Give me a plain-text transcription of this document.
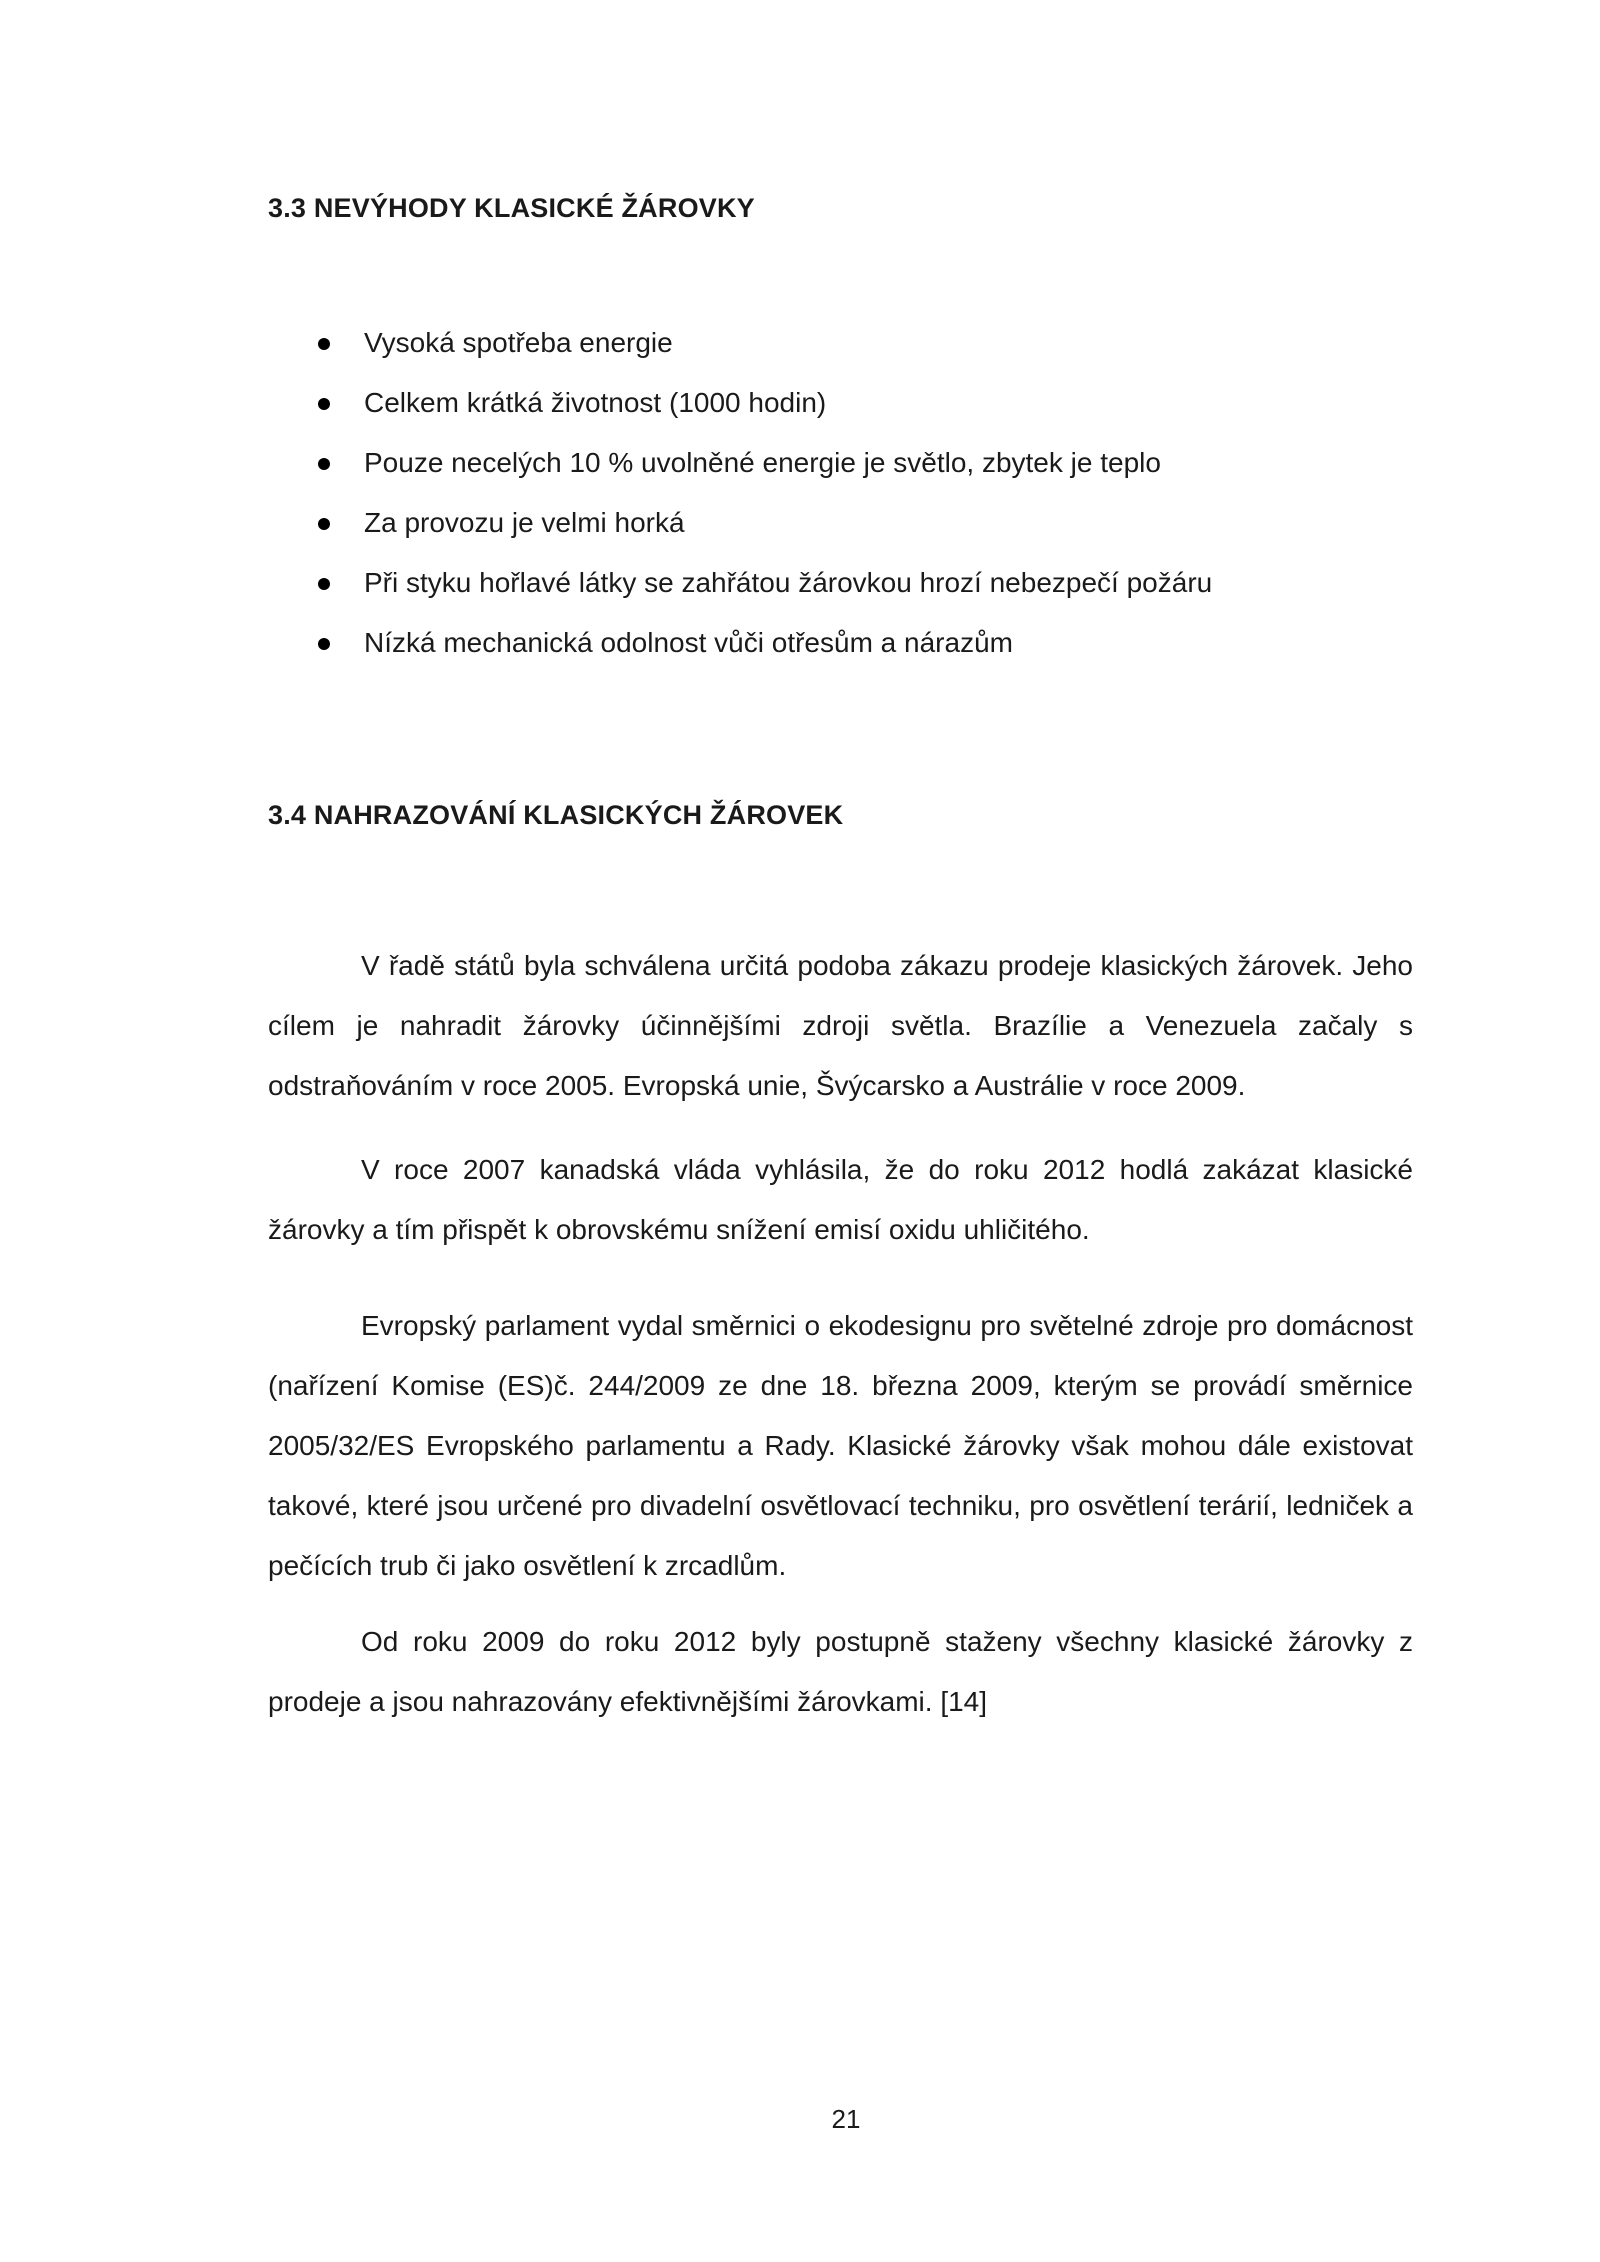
3.3 NEVÝHODY KLASICKÉ ŽÁROVKY
Vysoká spotřeba energie
Celkem krátká životnost (1000 hodin)
Pouze necelých 10 % uvolněné energie je světlo, zbytek je teplo
Za provozu je velmi horká
Při styku hořlavé látky se zahřátou žárovkou hrozí nebezpečí požáru
Nízká mechanická odolnost vůči otřesům a nárazům
3.4 NAHRAZOVÁNÍ KLASICKÝCH ŽÁROVEK

V řadě států byla schválena určitá podoba zákazu prodeje klasických žárovek. Jeho cílem je nahradit žárovky účinnějšími zdroji světla. Brazílie a Venezuela začaly s odstraňováním v roce 2005. Evropská unie, Švýcarsko a Austrálie v roce 2009.

V roce 2007 kanadská vláda vyhlásila, že do roku 2012 hodlá zakázat klasické žárovky a tím přispět k obrovskému snížení emisí oxidu uhličitého.

Evropský parlament vydal směrnici o ekodesignu pro světelné zdroje pro domácnost (nařízení Komise (ES)č. 244/2009 ze dne 18. března 2009, kterým se provádí směrnice 2005/32/ES Evropského parlamentu a Rady. Klasické žárovky však mohou dále existovat takové, které jsou určené pro divadelní osvětlovací techniku, pro osvětlení terárií, ledniček a pečících trub či jako osvětlení k zrcadlům.

Od roku 2009 do roku 2012 byly postupně staženy všechny klasické žárovky z prodeje a jsou nahrazovány efektivnějšími žárovkami. [14]

21
